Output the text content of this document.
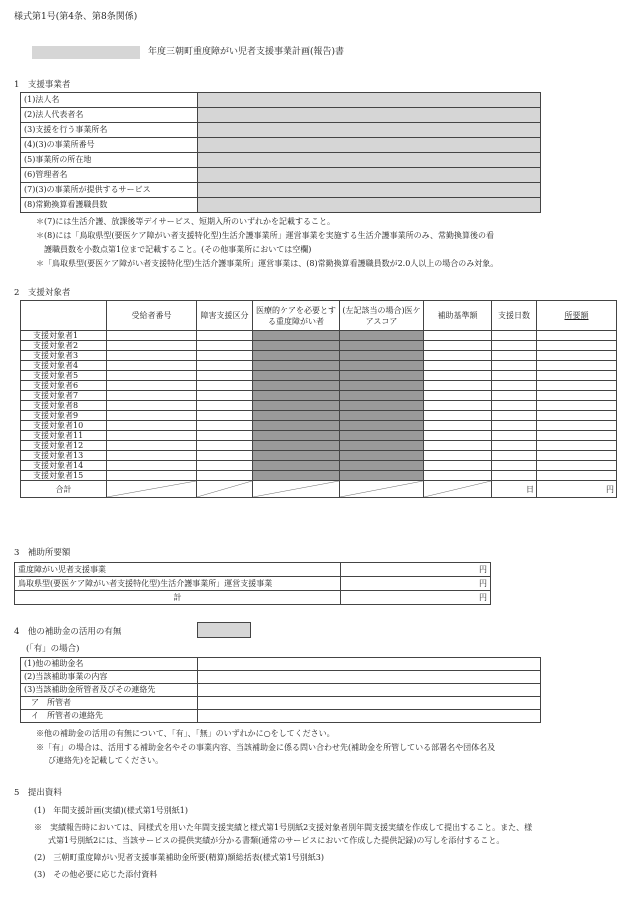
様式第1号(第4条、第8条関係)
年度三朝町重度障がい児者支援事業計画(報告)書
1　支援事業者
(1)法人名	
(2)法人代表者名	
(3)支援を行う事業所名	
(4)(3)の事業所番号	
(5)事業所の所在地	
(6)管理者名	
(7)(3)の事業所が提供するサービス	
(8)常勤換算看護職員数	
＊(7)には生活介護、放課後等デイサービス、短期入所のいずれかを記載すること。
＊(8)には「鳥取県型(要医ケア障がい者支援特化型)生活介護事業所」運営事業を実施する生活介護事業所のみ、常勤換算後の看
護職員数を小数点第1位まで記載すること。(その他事業所においては空欄)
＊「鳥取県型(要医ケア障がい者支援特化型)生活介護事業所」運営事業は、(8)常勤換算看護職員数が2.0人以上の場合のみ対象。
2　支援対象者
	受給者番号	障害支援区分	医療的ケアを必要とする重度障がい者	(左記該当の場合)医ケアスコア	補助基準額	支援日数	所要額
支援対象者1							
支援対象者2							
支援対象者3							
支援対象者4							
支援対象者5							
支援対象者6							
支援対象者7							
支援対象者8							
支援対象者9							
支援対象者10							
支援対象者11							
支援対象者12							
支援対象者13							
支援対象者14							
支援対象者15							
合計						日	円
3　補助所要額
重度障がい児者支援事業	円
鳥取県型(要医ケア障がい者支援特化型)生活介護事業所」運営支援事業	円
計	円
4　他の補助金の活用の有無
(「有」の場合)
(1)他の補助金名	
(2)当該補助事業の内容	
(3)当該補助金所管者及びその連絡先	
ア　所管者	
イ　所管者の連絡先	
※他の補助金の活用の有無について、「有」、「無」のいずれかに○をしてください。
※「有」の場合は、活用する補助金名やその事業内容、当該補助金に係る問い合わせ先(補助金を所管している部署名や団体名及
び連絡先)を記載してください。
5　提出資料
(1)　年間支援計画(実績)(様式第1号別紙1)
※　実績報告時においては、同様式を用いた年間支援実績と様式第1号別紙2支援対象者別年間支援実績を作成して提出すること。また、様
式第1号別紙2には、当該サービスの提供実績が分かる書類(通常のサービスにおいて作成した提供記録)の写しを添付すること。
(2)　三朝町重度障がい児者支援事業補助金所要(精算)額総括表(様式第1号別紙3)
(3)　その他必要に応じた添付資料
